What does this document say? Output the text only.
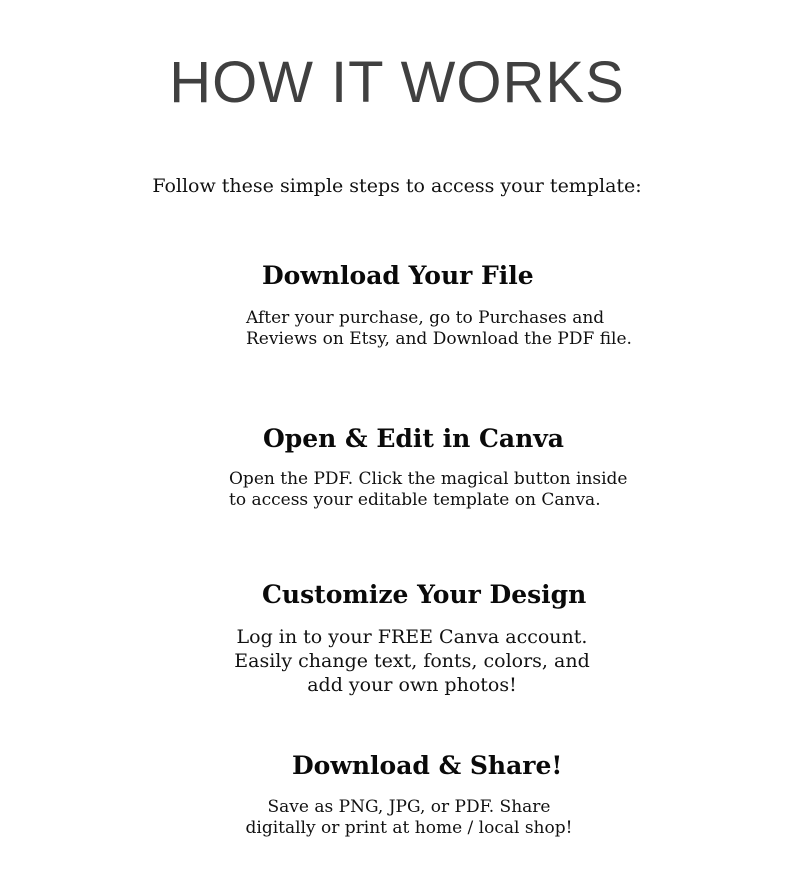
HOW IT WORKS
Follow these simple steps to access your template:
Download Your File
After your purchase, go to Purchases and
Reviews on Etsy, and Download the PDF file.
Open & Edit in Canva
Open the PDF. Click the magical button inside
to access your editable template on Canva.
Customize Your Design
Log in to your FREE Canva account.
Easily change text, fonts, colors, and
add your own photos!
Download & Share!
Save as PNG, JPG, or PDF. Share
digitally or print at home / local shop!
